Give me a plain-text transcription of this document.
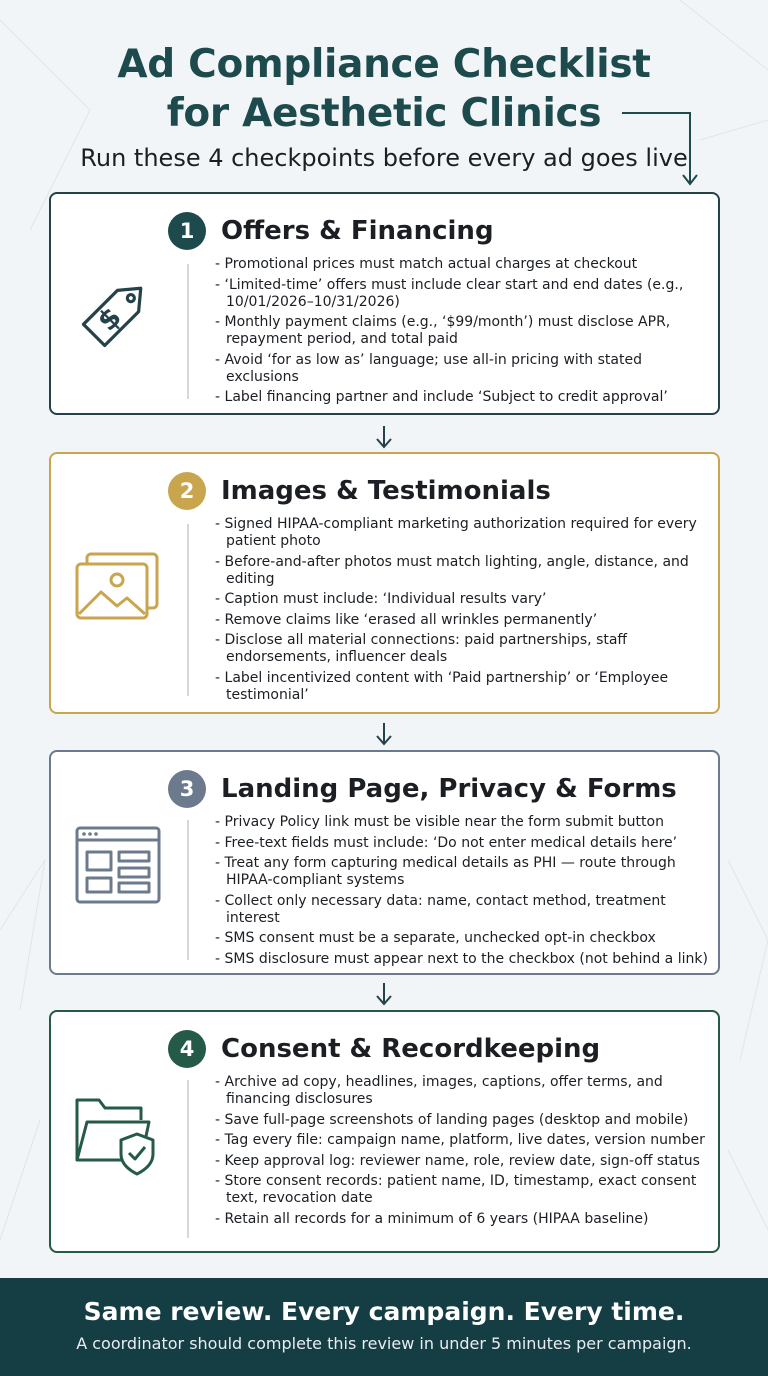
Ad Compliance Checklist
for Aesthetic Clinics
Run these 4 checkpoints before every ad goes live
1	Offers & Financing
$
- Promotional prices must match actual charges at checkout
- ‘Limited-time’ offers must include clear start and end dates (e.g., 10/01/2026–10/31/2026)
- Monthly payment claims (e.g., ‘$99/month’) must disclose APR, repayment period, and total paid
- Avoid ‘for as low as’ language; use all-in pricing with stated exclusions
- Label financing partner and include ‘Subject to credit approval’
2	Images & Testimonials
- Signed HIPAA-compliant marketing authorization required for every patient photo
- Before-and-after photos must match lighting, angle, distance, and editing
- Caption must include: ‘Individual results vary’
- Remove claims like ‘erased all wrinkles permanently’
- Disclose all material connections: paid partnerships, staff endorsements, influencer deals
- Label incentivized content with ‘Paid partnership’ or ‘Employee testimonial’
3	Landing Page, Privacy & Forms
- Privacy Policy link must be visible near the form submit button
- Free-text fields must include: ‘Do not enter medical details here’
- Treat any form capturing medical details as PHI — route through HIPAA-compliant systems
- Collect only necessary data: name, contact method, treatment interest
- SMS consent must be a separate, unchecked opt-in checkbox
- SMS disclosure must appear next to the checkbox (not behind a link)
4	Consent & Recordkeeping
- Archive ad copy, headlines, images, captions, offer terms, and financing disclosures
- Save full-page screenshots of landing pages (desktop and mobile)
- Tag every file: campaign name, platform, live dates, version number
- Keep approval log: reviewer name, role, review date, sign-off status
- Store consent records: patient name, ID, timestamp, exact consent text, revocation date
- Retain all records for a minimum of 6 years (HIPAA baseline)
Same review. Every campaign. Every time.
A coordinator should complete this review in under 5 minutes per campaign.
